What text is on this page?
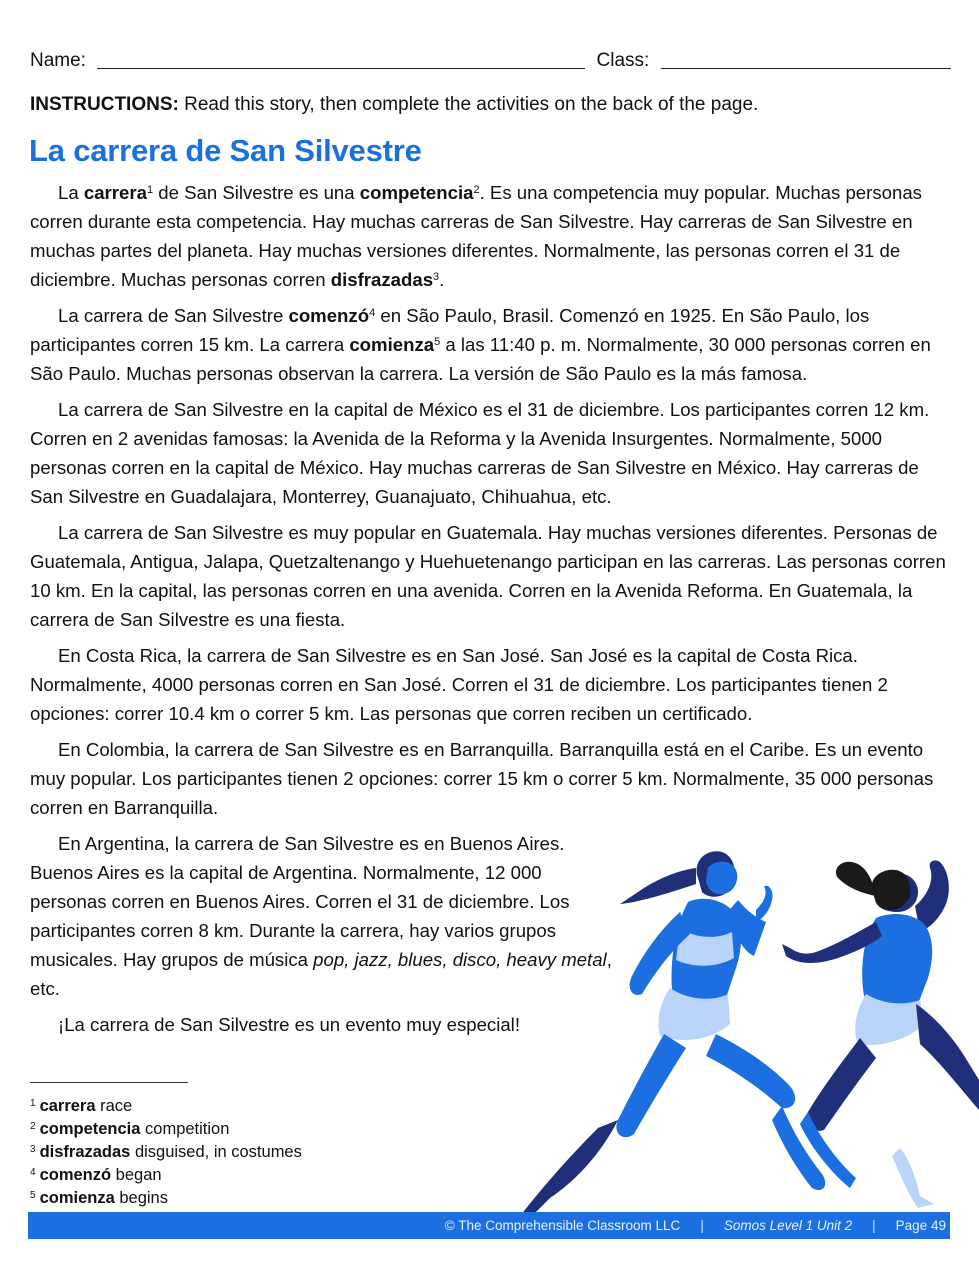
Name:	Class:
INSTRUCTIONS: Read this story, then complete the activities on the back of the page.
La carrera de San Silvestre

La carrera$^1$ de San Silvestre es una competencia$^2$. Es una competencia muy popular. Muchas personas corren durante esta competencia. Hay muchas carreras de San Silvestre. Hay carreras de San Silvestre en muchas partes del planeta. Hay muchas versiones diferentes. Normalmente, las personas corren el 31 de diciembre. Muchas personas corren disfrazadas$^3$.

La carrera de San Silvestre comenzó$^4$ en São Paulo, Brasil. Comenzó en 1925. En São Paulo, los participantes corren 15 km. La carrera comienza$^5$ a las 11:40 p. m. Normalmente, 30 000 personas corren en São Paulo. Muchas personas observan la carrera. La versión de São Paulo es la más famosa.

La carrera de San Silvestre en la capital de México es el 31 de diciembre. Los participantes corren 12 km. Corren en 2 avenidas famosas: la Avenida de la Reforma y la Avenida Insurgentes. Normalmente, 5000 personas corren en la capital de México. Hay muchas carreras de San Silvestre en México. Hay carreras de San Silvestre en Guadalajara, Monterrey, Guanajuato, Chihuahua, etc.

La carrera de San Silvestre es muy popular en Guatemala. Hay muchas versiones diferentes. Personas de Guatemala, Antigua, Jalapa, Quetzaltenango y Huehuetenango participan en las carreras. Las personas corren 10 km. En la capital, las personas corren en una avenida. Corren en la Avenida Reforma. En Guatemala, la carrera de San Silvestre es una fiesta.

En Costa Rica, la carrera de San Silvestre es en San José. San José es la capital de Costa Rica. Normalmente, 4000 personas corren en San José. Corren el 31 de diciembre. Los participantes tienen 2 opciones: correr 10.4 km o correr 5 km. Las personas que corren reciben un certificado.

En Colombia, la carrera de San Silvestre es en Barranquilla. Barranquilla está en el Caribe. Es un evento muy popular. Los participantes tienen 2 opciones: correr 15 km o correr 5 km. Normalmente, 35 000 personas corren en Barranquilla.

En Argentina, la carrera de San Silvestre es en Buenos Aires. Buenos Aires es la capital de Argentina. Normalmente, 12 000 personas corren en Buenos Aires. Corren el 31 de diciembre. Los participantes corren 8 km. Durante la carrera, hay varios grupos musicales. Hay grupos de música pop, jazz, blues, disco, heavy metal, etc.

¡La carrera de San Silvestre es un evento muy especial!

$^1$ carrera race
$^2$ competencia competition
$^3$ disfrazadas disguised, in costumes
$^4$ comenzó began
$^5$ comienza begins
© The Comprehensible Classroom LLC | Somos Level 1 Unit 2 | Page
49
